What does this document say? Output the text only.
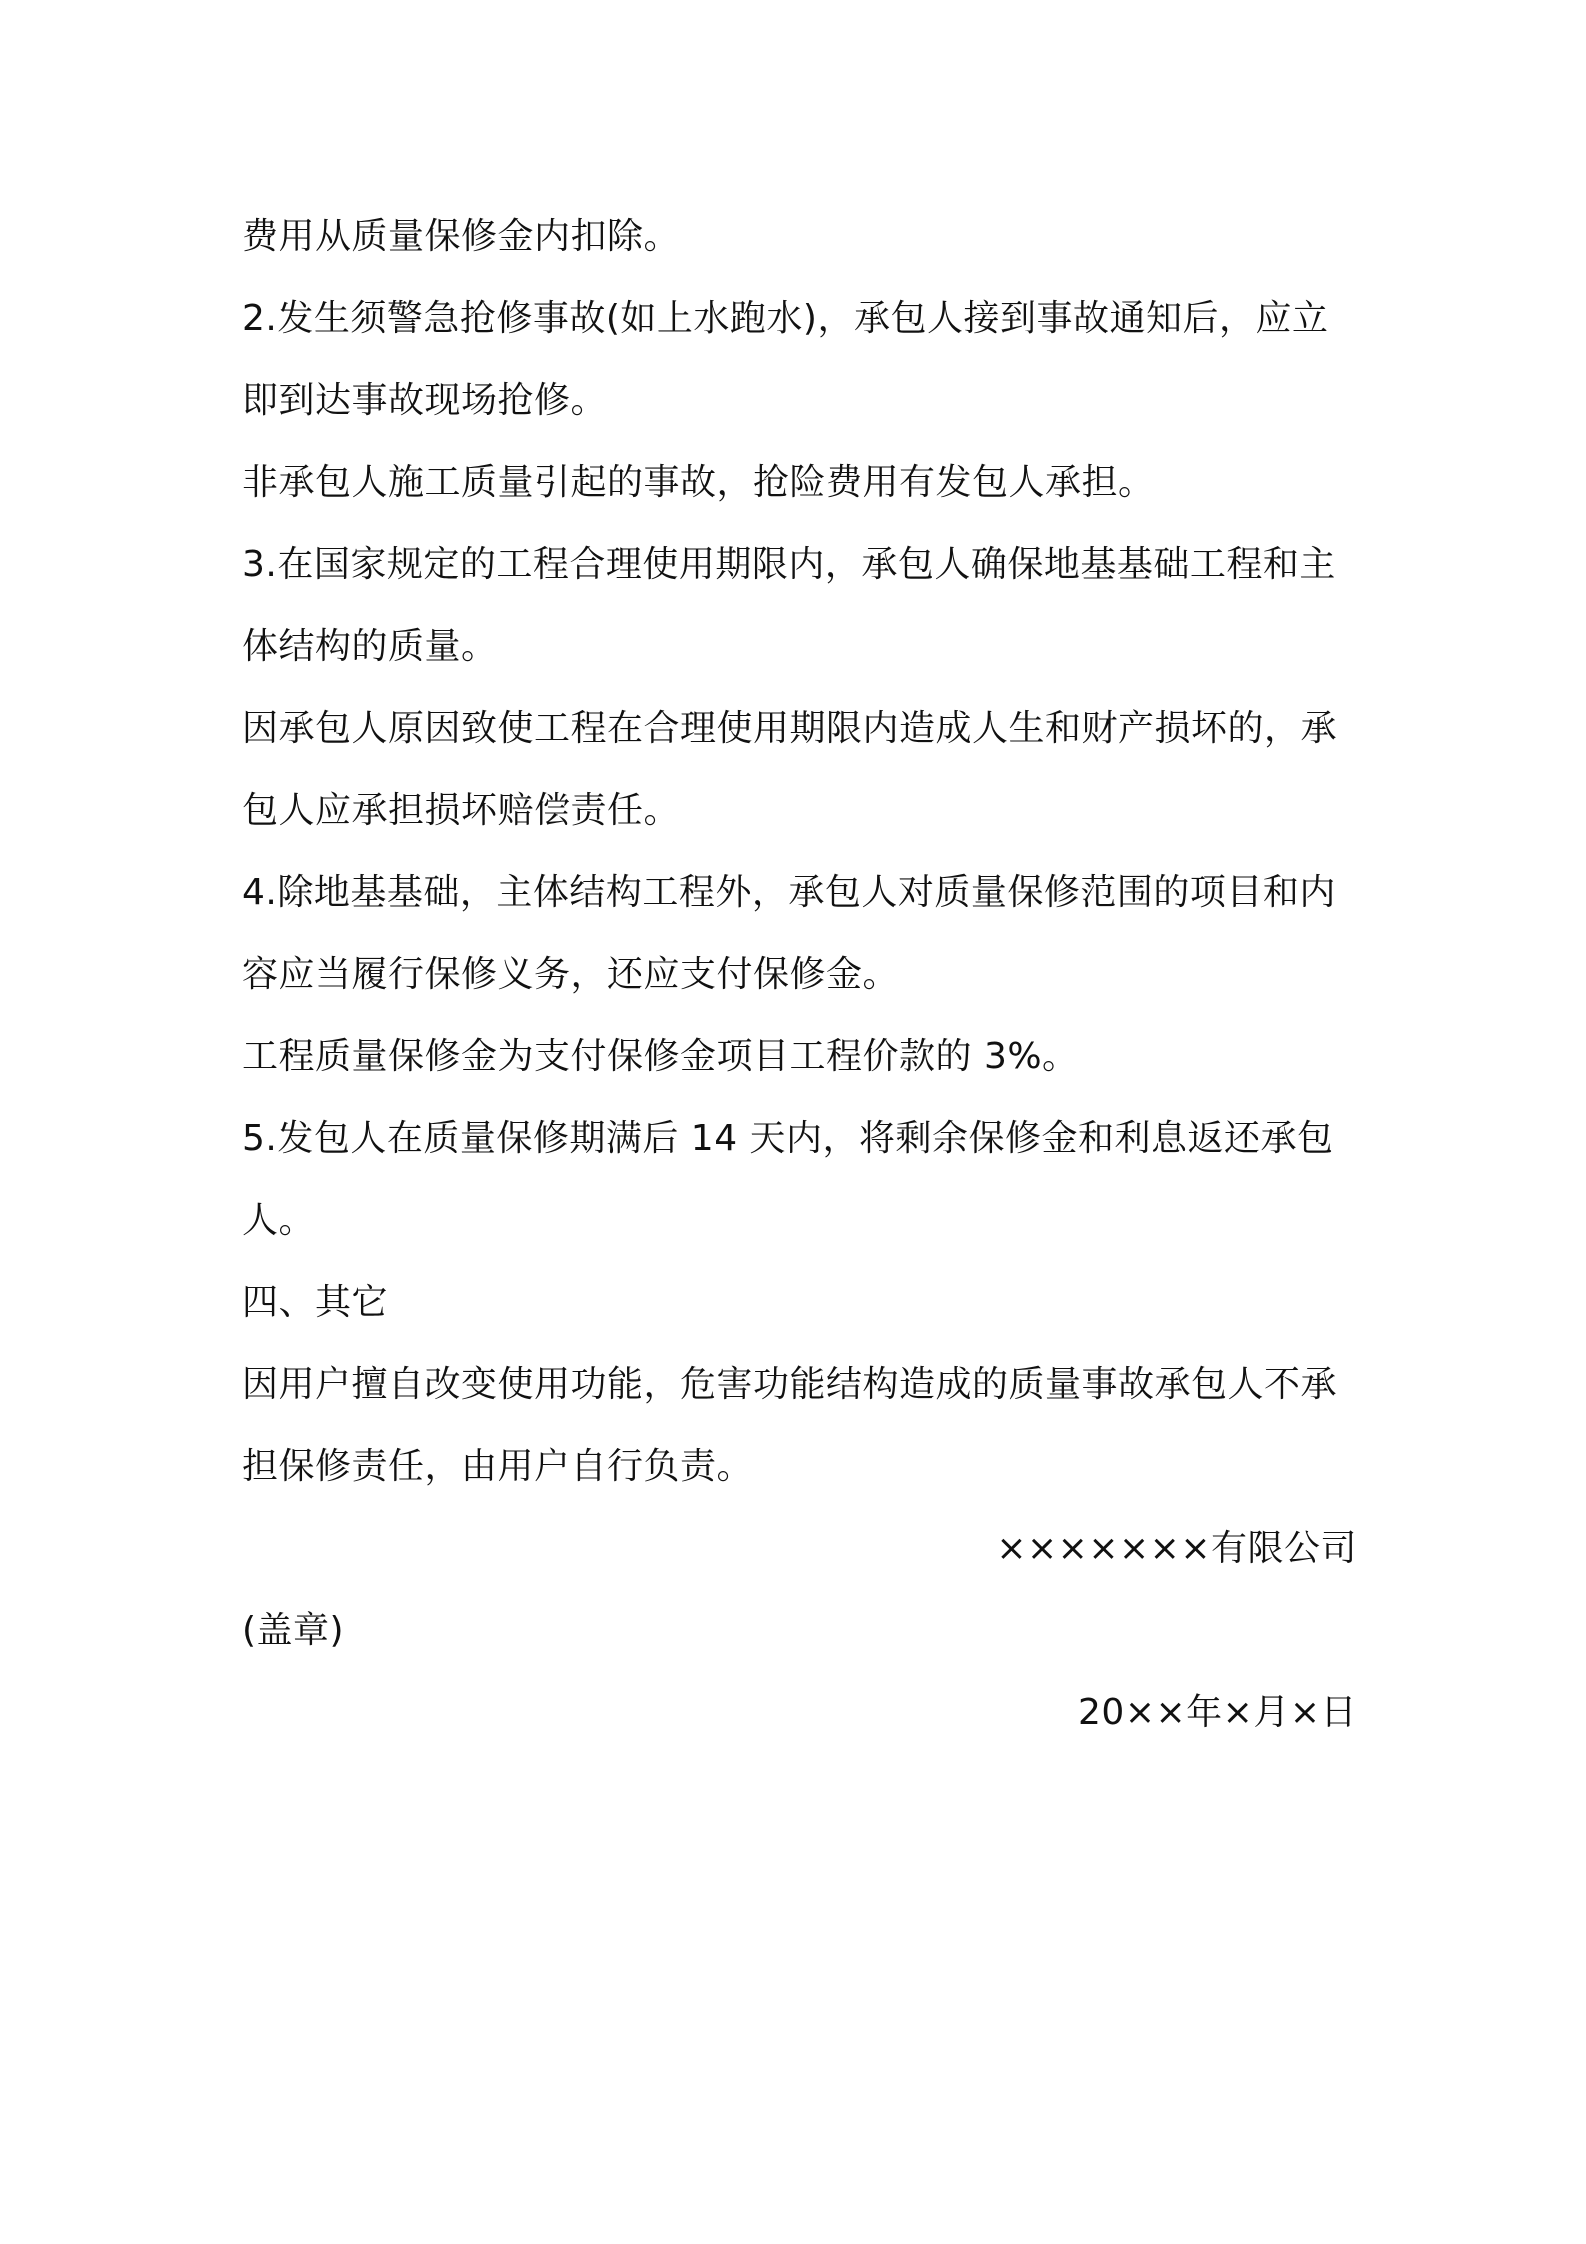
费用从质量保修金内扣除。
2.发生须警急抢修事故(如上水跑水)，承包人接到事故通知后，应立
即到达事故现场抢修。
非承包人施工质量引起的事故，抢险费用有发包人承担。
3.在国家规定的工程合理使用期限内，承包人确保地基基础工程和主
体结构的质量。
因承包人原因致使工程在合理使用期限内造成人生和财产损坏的，承
包人应承担损坏赔偿责任。
4.除地基基础，主体结构工程外，承包人对质量保修范围的项目和内
容应当履行保修义务，还应支付保修金。
工程质量保修金为支付保修金项目工程价款的 3%。
5.发包人在质量保修期满后 14 天内，将剩余保修金和利息返还承包
人。
四、其它
因用户擅自改变使用功能，危害功能结构造成的质量事故承包人不承
担保修责任，由用户自行负责。
×××××××有限公司
(盖章)
20××年×月×日
